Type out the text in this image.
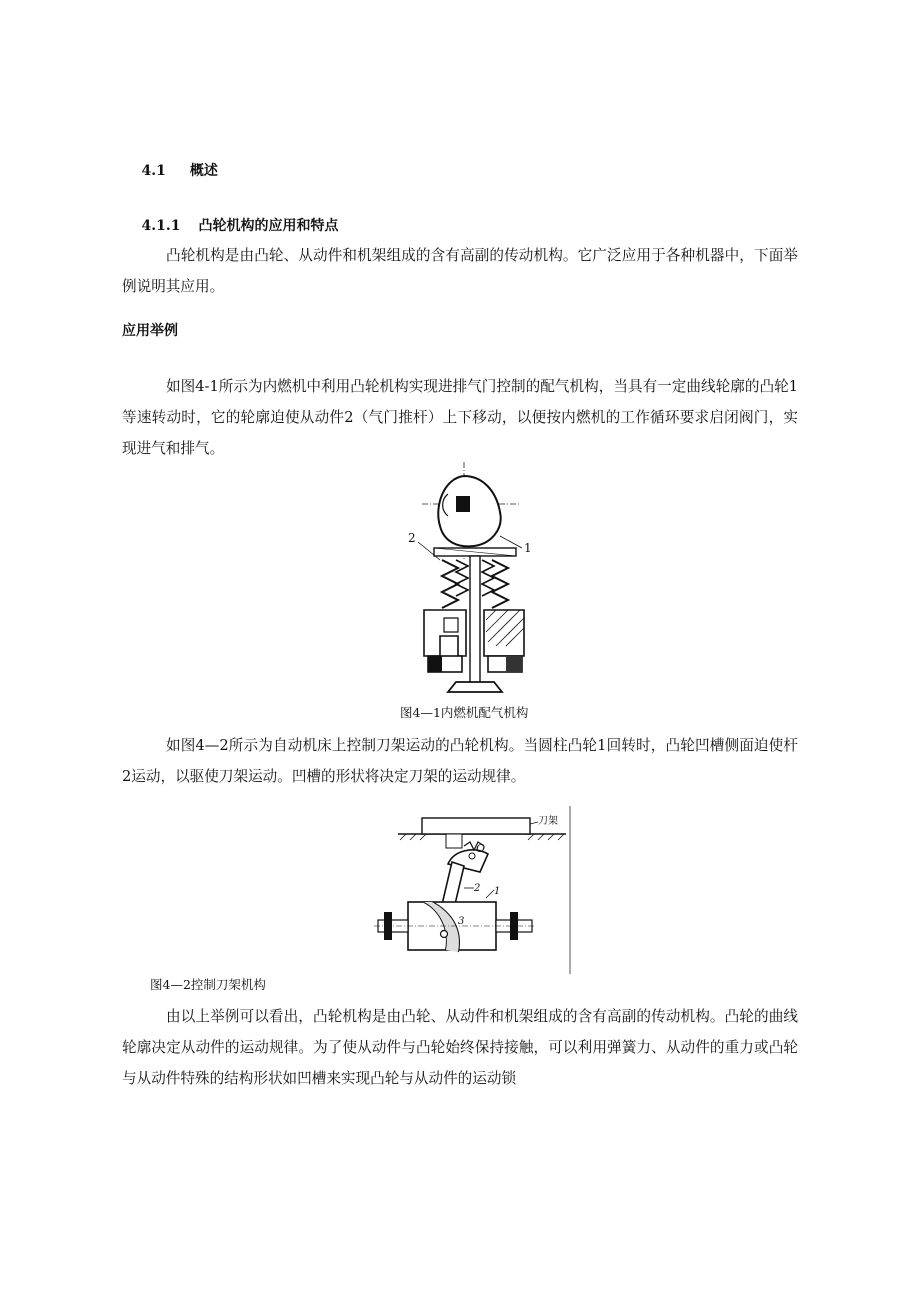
4.1 概述

4.1.1 凸轮机构的应用和特点

凸轮机构是由凸轮、从动件和机架组成的含有高副的传动机构。它广泛应用于各种机器中，下面举例说明其应用。
应用举例
如图4-1所示为内燃机中利用凸轮机构实现进排气门控制的配气机构，当具有一定曲线轮廓的凸轮1等速转动时，它的轮廓迫使从动件2（气门推杆）上下移动，以便按内燃机的工作循环要求启闭阀门，实现进气和排气。
2
1
图4—1内燃机配气机构
如图4—2所示为自动机床上控制刀架运动的凸轮机构。当圆柱凸轮1回转时，凸轮凹槽侧面迫使杆2运动，以驱使刀架运动。凹槽的形状将决定刀架的运动规律。
刀架
O
2
3
1
图4—2控制刀架机构
由以上举例可以看出，凸轮机构是由凸轮、从动件和机架组成的含有高副的传动机构。凸轮的曲线轮廓决定从动件的运动规律。为了使从动件与凸轮始终保持接触，可以利用弹簧力、从动件的重力或凸轮与从动件特殊的结构形状如凹槽来实现凸轮与从动件的运动锁
